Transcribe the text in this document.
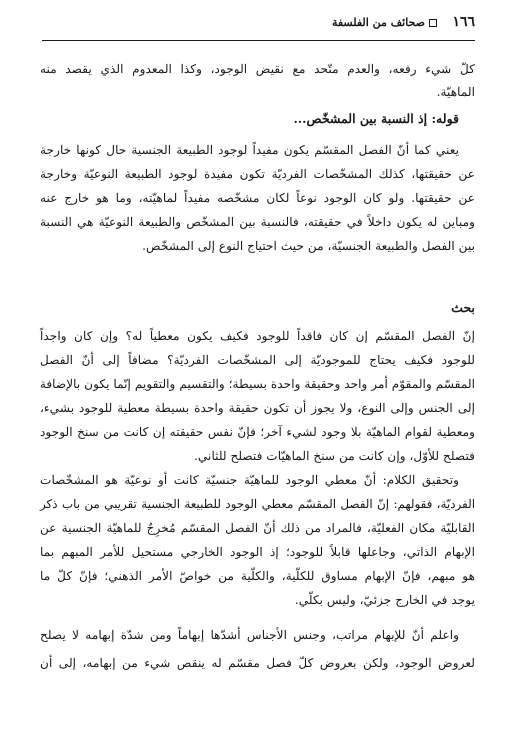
١٦٦
صحائف من الفلسفة
كلّ شيء رفعه، والعدم متّحد مع نقيض الوجود، وكذا المعدوم الذي يقصد منه
الماهيّة.
قوله: إذ النسبة بين المشخّص...
يعني كما أنّ الفصل المقسّم يكون مفيداً لوجود الطبيعة الجنسية حال كونها خارجة
عن حقيقتها، كذلك المشخّصات الفرديّة تكون مفيدة لوجود الطبيعة النوعيّة وخارجة
عن حقيقتها. ولو كان الوجود نوعاً لكان مشخّصه مفيداً لماهيّته، وما هو خارج عنه
ومباين له يكون داخلاً في حقيقته، فالنسبة بين المشخّص والطبيعة النوعيّة هي النسبة
بين الفصل والطبيعة الجنسيّة، من حيث احتياج النوع إلى المشخّص.
بحث
إنّ الفصل المقسّم إن كان فاقداً للوجود فكيف يكون معطياً له؟ وإن كان واجداً
للوجود فكيف يحتاج للموجوديّة إلى المشخّصات الفرديّة؟ مضافاً إلى أنّ الفصل
المقسّم والمقوّم أمر واحد وحقيقة واحدة بسيطة؛ والتقسيم والتقويم إنّما يكون بالإضافة
إلى الجنس وإلى النوع، ولا يجوز أن تكون حقيقة واحدة بسيطة معطية للوجود بشيء،
ومعطية لقوام الماهيّة بلا وجود لشيء آخر؛ فإنّ نفس حقيقته إن كانت من سنخ الوجود
فتصلح للأوّل، وإن كانت من سنخ الماهيّات فتصلح للثاني.
وتحقيق الكلام: أنّ معطي الوجود للماهيّة جنسيّة كانت أو نوعيّة هو المشخّصات
الفرديّة، فقولهم: إنّ الفصل المقسّم معطي الوجود للطبيعة الجنسية تقريبي من باب ذكر
القابليّة مكان الفعليّة، فالمراد من ذلك أنّ الفصل المقسّم مُخرِجٌ للماهيّة الجنسية عن
الإبهام الذاتي، وجاعلها قابلاً للوجود؛ إذ الوجود الخارجي مستحيل للأمر المبهم بما
هو مبهم، فإنّ الإبهام مساوق للكلّية، والكلّية من خواصّ الأمر الذهني؛ فإنّ كلّ ما
يوجد في الخارج جزئيّ، وليس بكلّي.
واعلم أنّ للإبهام مراتب، وجنس الأجناس أشدّها إبهاماً ومن شدّة إبهامه لا يصلح
لعروض الوجود، ولكن بعروض كلّ فصل مقسّم له ينقص شيء من إبهامه، إلى أن
